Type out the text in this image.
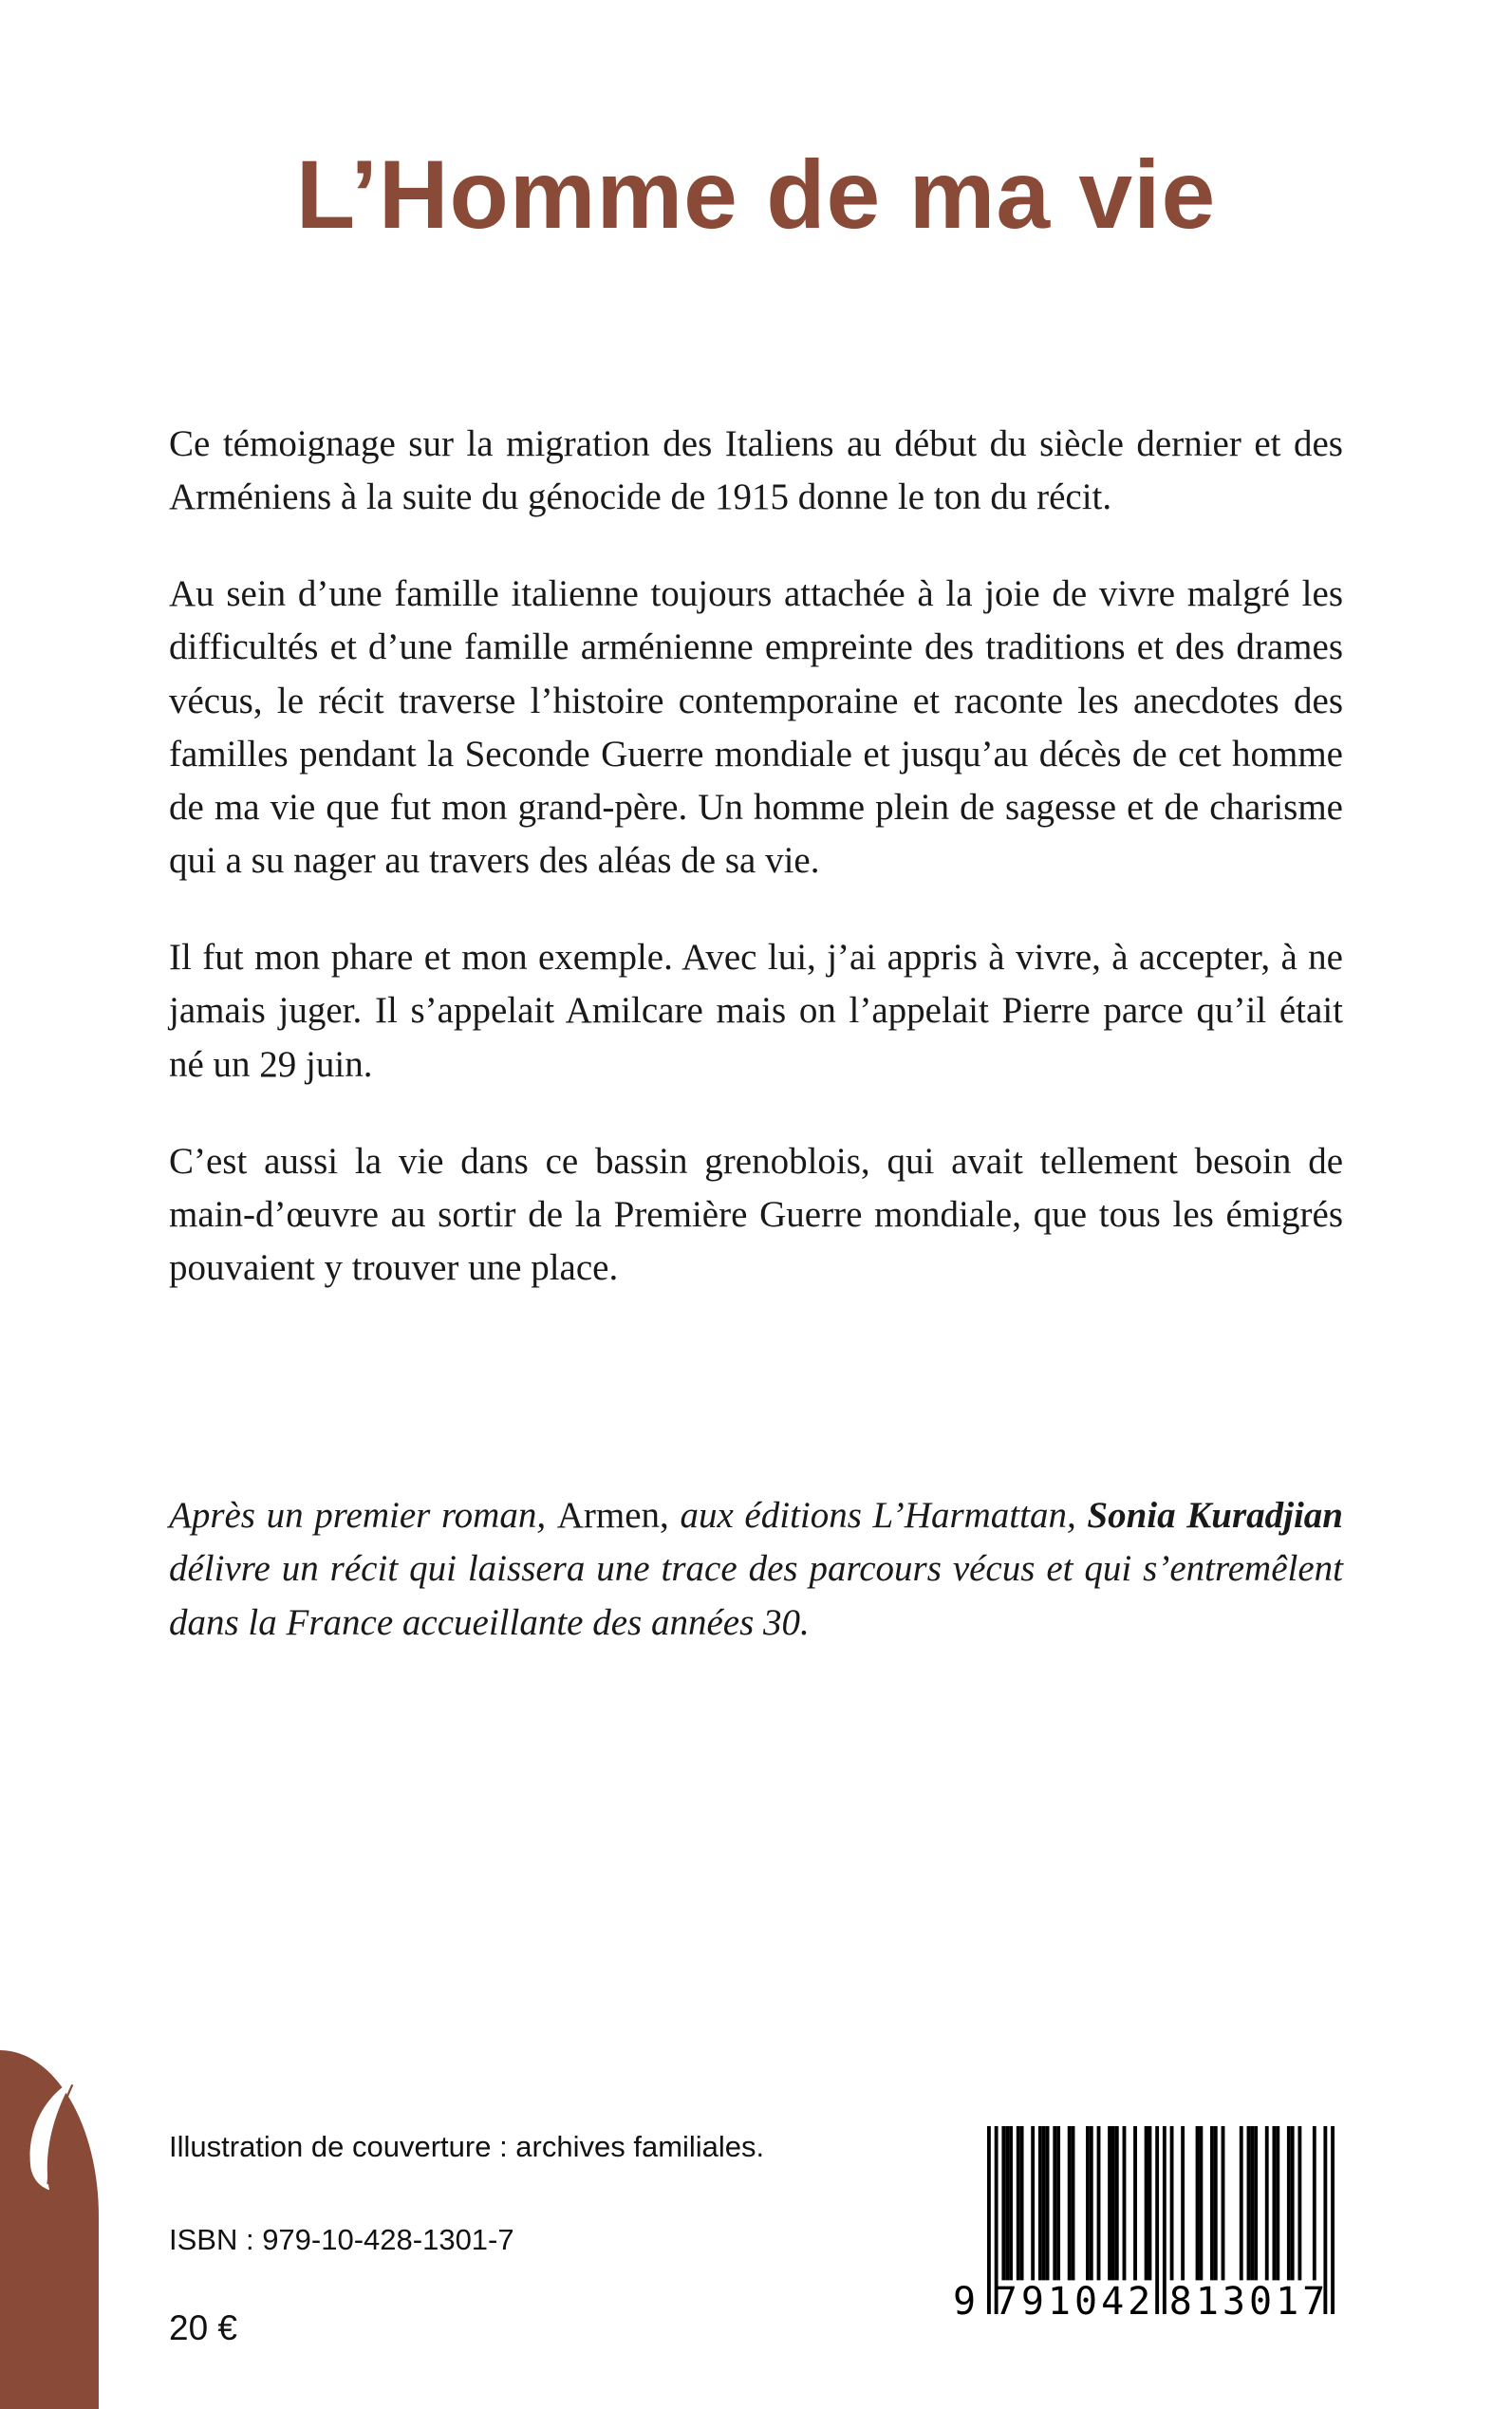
L’Homme de ma vie

Ce témoignage sur la migration des Italiens au début du siècle dernier et des Arméniens à la suite du génocide de 1915 donne le ton du récit.

Au sein d’une famille italienne toujours attachée à la joie de vivre malgré les difficultés et d’une famille arménienne empreinte des traditions et des drames vécus, le récit traverse l’histoire contemporaine et raconte les anecdotes des familles pendant la Seconde Guerre mondiale et jusqu’au décès de cet homme de ma vie que fut mon grand-père. Un homme plein de sagesse et de charisme qui a su nager au travers des aléas de sa vie.

Il fut mon phare et mon exemple. Avec lui, j’ai appris à vivre, à accepter, à ne jamais juger. Il s’appelait Amilcare mais on l’appelait Pierre parce qu’il était né un 29 juin.

C’est aussi la vie dans ce bassin grenoblois, qui avait tellement besoin de main-d’œuvre au sortir de la Première Guerre mondiale, que tous les émigrés pouvaient y trouver une place.

Après un premier roman, Armen, aux éditions L’Harmattan, Sonia Kuradjian délivre un récit qui laissera une trace des parcours vécus et qui s’entremêlent dans la France accueillante des années 30.

Illustration de couverture : archives familiales.
ISBN : 979-10-428-1301-7
20 €
9 791042 813017
